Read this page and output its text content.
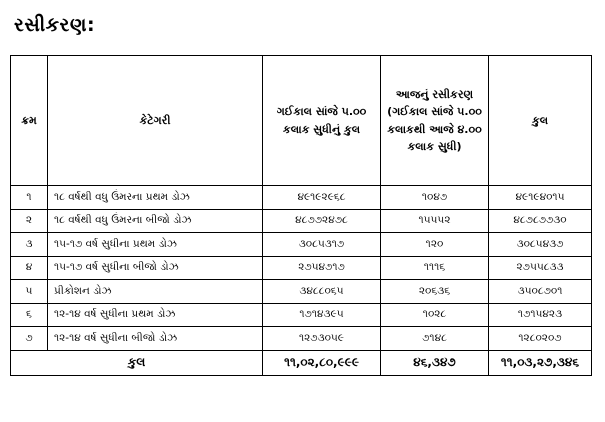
રસીકરણ:
ક્રમ	કેટેગરી	ગઈકાલ સાંજે ૫.૦૦ કલાક સુધીનું કુલ	આજનું રસીકરણ (ગઈકાલ સાંજે ૫.૦૦ કલાકથી આજે ૪.૦૦ કલાક સુધી)	કુલ
૧	૧૮ વર્ષથી વધુ ઉંમરના પ્રથમ ડોઝ	૪૯૧૯૨૯૬૮	૧૦૪૭	૪૯૧૯૪૦૧૫
૨	૧૮ વર્ષથી વધુ ઉંમરના બીજો ડોઝ	૪૮૭૭૨૪૭૮	૧૫૫૫૨	૪૮૭૮૭૭૩૦
૩	૧૫-૧૭ વર્ષ સુધીના પ્રથમ ડોઝ	૩૦૮૫૩૧૭	૧૨૦	૩૦૮૫૪૩૭
૪	૧૫-૧૭ વર્ષ સુધીના બીજો ડોઝ	૨૭૫૪૭૧૭	૧૧૧૬	૨૭૫૫૮૩૩
૫	પ્રીકોશન ડોઝ	૩૪૮૮૦૬૫	૨૦૬૩૬	૩૫૦૮૭૦૧
૬	૧૨-૧૪ વર્ષ સુધીના પ્રથમ ડોઝ	૧૭૧૪૩૯૫	૧૦૨૮	૧૭૧૫૪૨૩
૭	૧૨-૧૪ વર્ષ સુધીના બીજો ડોઝ	૧૨૭૩૦૫૯	૭૧૪૮	૧૨૮૦૨૦૭
કુલ		૧૧,૦૨,૮૦,૯૯૯	૪૬,૩૪૭	૧૧,૦૩,૨૭,૩૪૬
